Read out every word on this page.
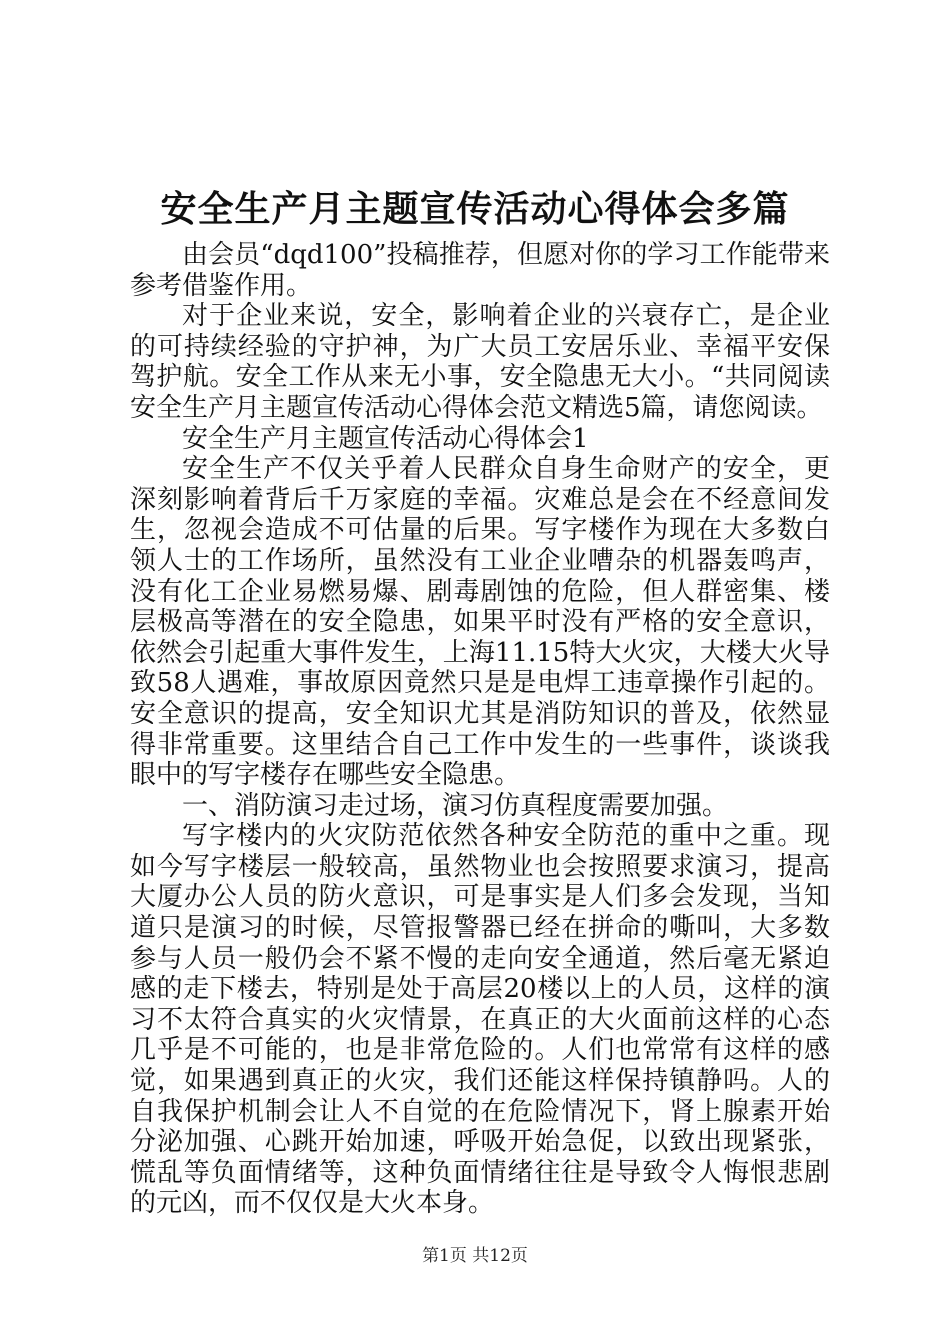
安全生产月主题宣传活动心得体会多篇

由会员“dqd100”投稿推荐，但愿对你的学习工作能带来参考借鉴作用。

对于企业来说，安全，影响着企业的兴衰存亡，是企业的可持续经验的守护神，为广大员工安居乐业、幸福平安保驾护航。安全工作从来无小事，安全隐患无大小。“共同阅读安全生产月主题宣传活动心得体会范文精选5篇，请您阅读。

安全生产月主题宣传活动心得体会1

安全生产不仅关乎着人民群众自身生命财产的安全，更深刻影响着背后千万家庭的幸福。灾难总是会在不经意间发生，忽视会造成不可估量的后果。写字楼作为现在大多数白领人士的工作场所，虽然没有工业企业嘈杂的机器轰鸣声，没有化工企业易燃易爆、剧毒剧蚀的危险，但人群密集、楼层极高等潜在的安全隐患，如果平时没有严格的安全意识，依然会引起重大事件发生，上海11.15特大火灾，大楼大火导致58人遇难，事故原因竟然只是是电焊工违章操作引起的。安全意识的提高，安全知识尤其是消防知识的普及，依然显得非常重要。这里结合自己工作中发生的一些事件，谈谈我眼中的写字楼存在哪些安全隐患。

一、消防演习走过场，演习仿真程度需要加强。

写字楼内的火灾防范依然各种安全防范的重中之重。现如今写字楼层一般较高，虽然物业也会按照要求演习，提高大厦办公人员的防火意识，可是事实是人们多会发现，当知道只是演习的时候，尽管报警器已经在拼命的嘶叫，大多数参与人员一般仍会不紧不慢的走向安全通道，然后毫无紧迫感的走下楼去，特别是处于高层20楼以上的人员，这样的演习不太符合真实的火灾情景，在真正的大火面前这样的心态几乎是不可能的，也是非常危险的。人们也常常有这样的感觉，如果遇到真正的火灾，我们还能这样保持镇静吗。人的自我保护机制会让人不自觉的在危险情况下，肾上腺素开始分泌加强、心跳开始加速，呼吸开始急促，以致出现紧张，慌乱等负面情绪等，这种负面情绪往往是导致令人悔恨悲剧的元凶，而不仅仅是大火本身。

第1页 共12页
